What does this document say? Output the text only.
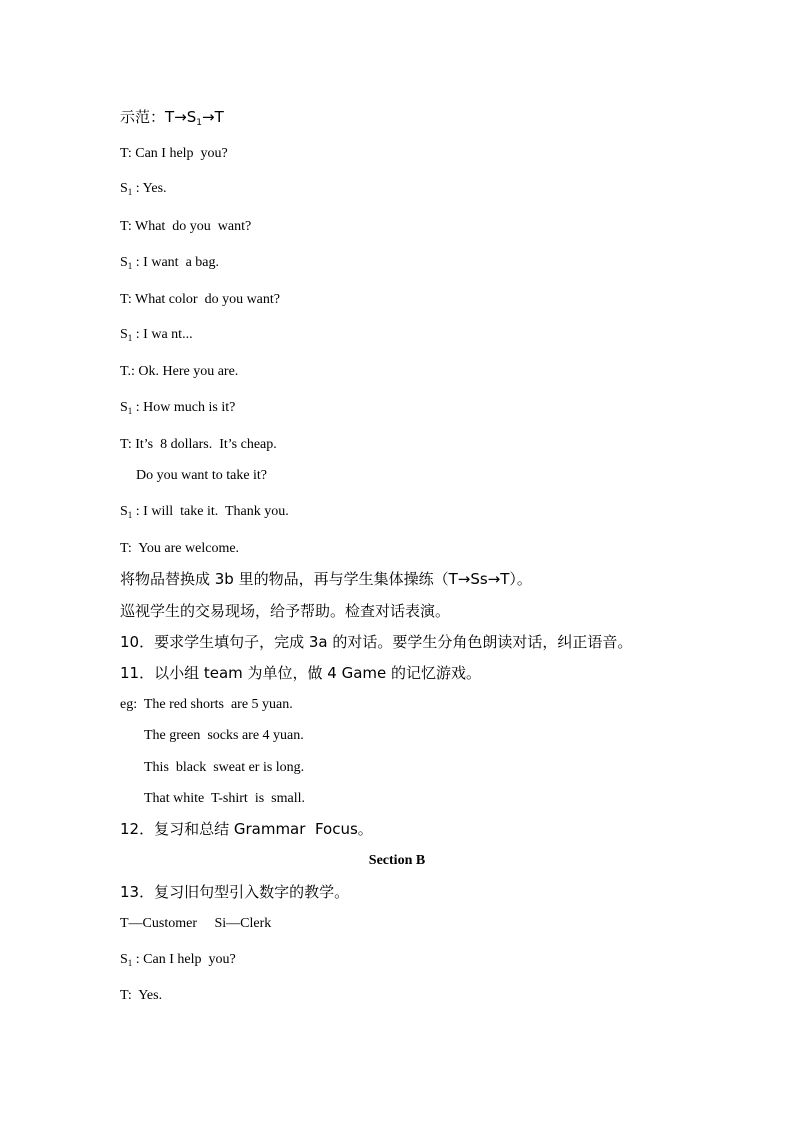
示范：$T\to S_1\to T$
T: Can I help  you?
$S_1$ : Yes.
T: What  do you  want?
$S_1$ : I want  a bag.
T: What color  do you want?
$S_1$ : I wa nt...
T.: Ok. Here you are.
$S_1$ : How much is it?
T: It’s  8 dollars.  It’s cheap.
Do you want to take it?
$S_1$ : I will  take it.  Thank you.
T:  You are welcome.
将物品替换成 3b 里的物品，再与学生集体操练（T→Ss→T）。
巡视学生的交易现场，给予帮助。检查对话表演。
10．要求学生填句子，完成 3a 的对话。要学生分角色朗读对话，纠正语音。
11．以小组 team 为单位，做 4 Game 的记忆游戏。
eg:  The red shorts  are 5 yuan.
The green  socks are 4 yuan.
This  black  sweat er is long.
That white  T-shirt  is  small.
12．复习和总结 Grammar  Focus。
Section B
13．复习旧句型引入数字的教学。
T—Customer     Si—Clerk
$S_1$ : Can I help  you?
T:  Yes.
